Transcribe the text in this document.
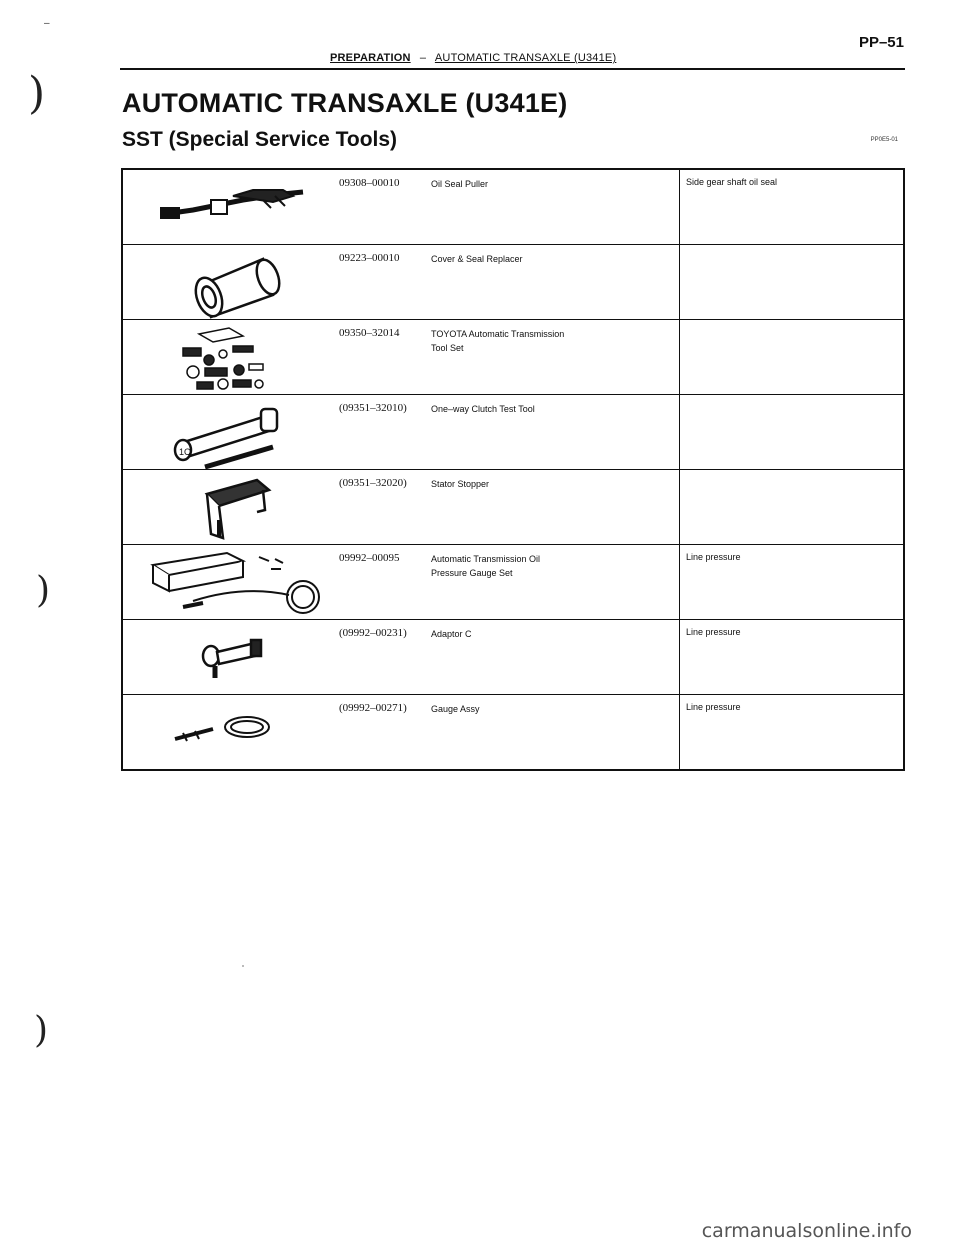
–
PP–51
PREPARATION – AUTOMATIC TRANSAXLE (U341E)
)
)
)
AUTOMATIC TRANSAXLE (U341E)
SST (Special Service Tools)	PP0E5-01
	09308–00010	Oil Seal Puller	Side gear shaft oil seal

	09223–00010	Cover & Seal Replacer

	09350–32014	TOYOTA Automatic Transmission
Tool Set	

1C	(09351–32010)	One–way Clutch Test Tool

	(09351–32020)	Stator Stopper

	09992–00095	Automatic Transmission Oil
Pressure Gauge Set	Line pressure

	(09992–00231)	Adaptor C	Line pressure

	(09992–00271)	Gauge Assy	Line pressure
carmanualsonline.info
